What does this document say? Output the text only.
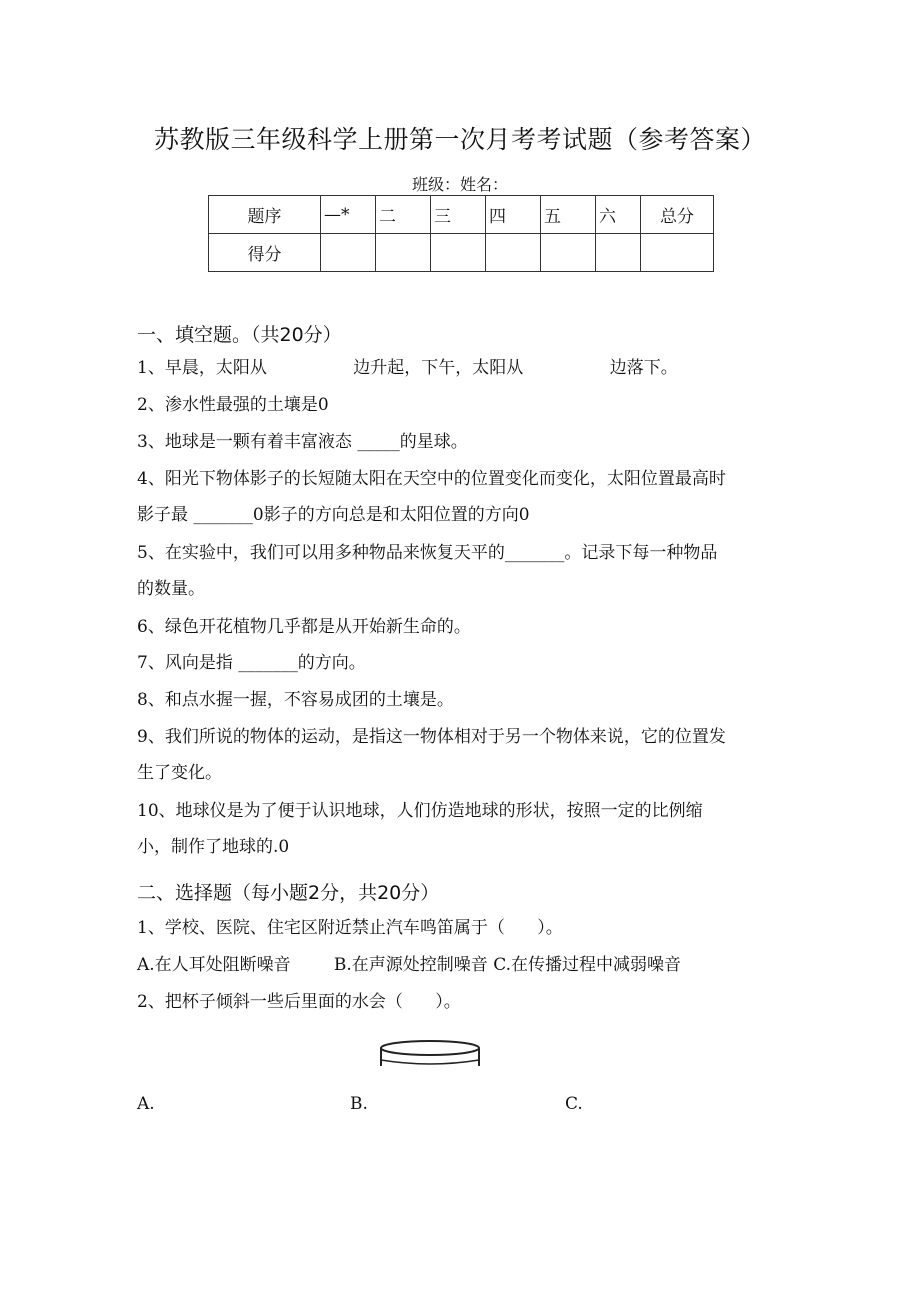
苏教版三年级科学上册第一次月考考试题（参考答案）
班级：姓名：
题序	—*	二	三	四	五	六	总分
得分							
一、填空题。（共20分）
1、早晨，太阳从                边升起，下午，太阳从                边落下。
2、渗水性最强的土壤是0
3、地球是一颗有着丰富液态 _____的星球。
4、阳光下物体影子的长短随太阳在天空中的位置变化而变化，太阳位置最高时
影子最 _______0影子的方向总是和太阳位置的方向0
5、在实验中，我们可以用多种物品来恢复天平的_______。记录下每一种物品
的数量。
6、绿色开花植物几乎都是从开始新生命的。
7、风向是指 _______的方向。
8、和点水握一握，不容易成团的土壤是。
9、我们所说的物体的运动，是指这一物体相对于另一个物体来说，它的位置发
生了变化。
10、地球仪是为了便于认识地球，人们仿造地球的形状，按照一定的比例缩
小，制作了地球的.0
二、选择题（每小题2分，共20分）
1、学校、医院、住宅区附近禁止汽车鸣笛属于（      ）。
A.在人耳处阻断噪音        B.在声源处控制噪音 C.在传播过程中减弱噪音
2、把杯子倾斜一些后里面的水会（      ）。
A.	B.	C.
